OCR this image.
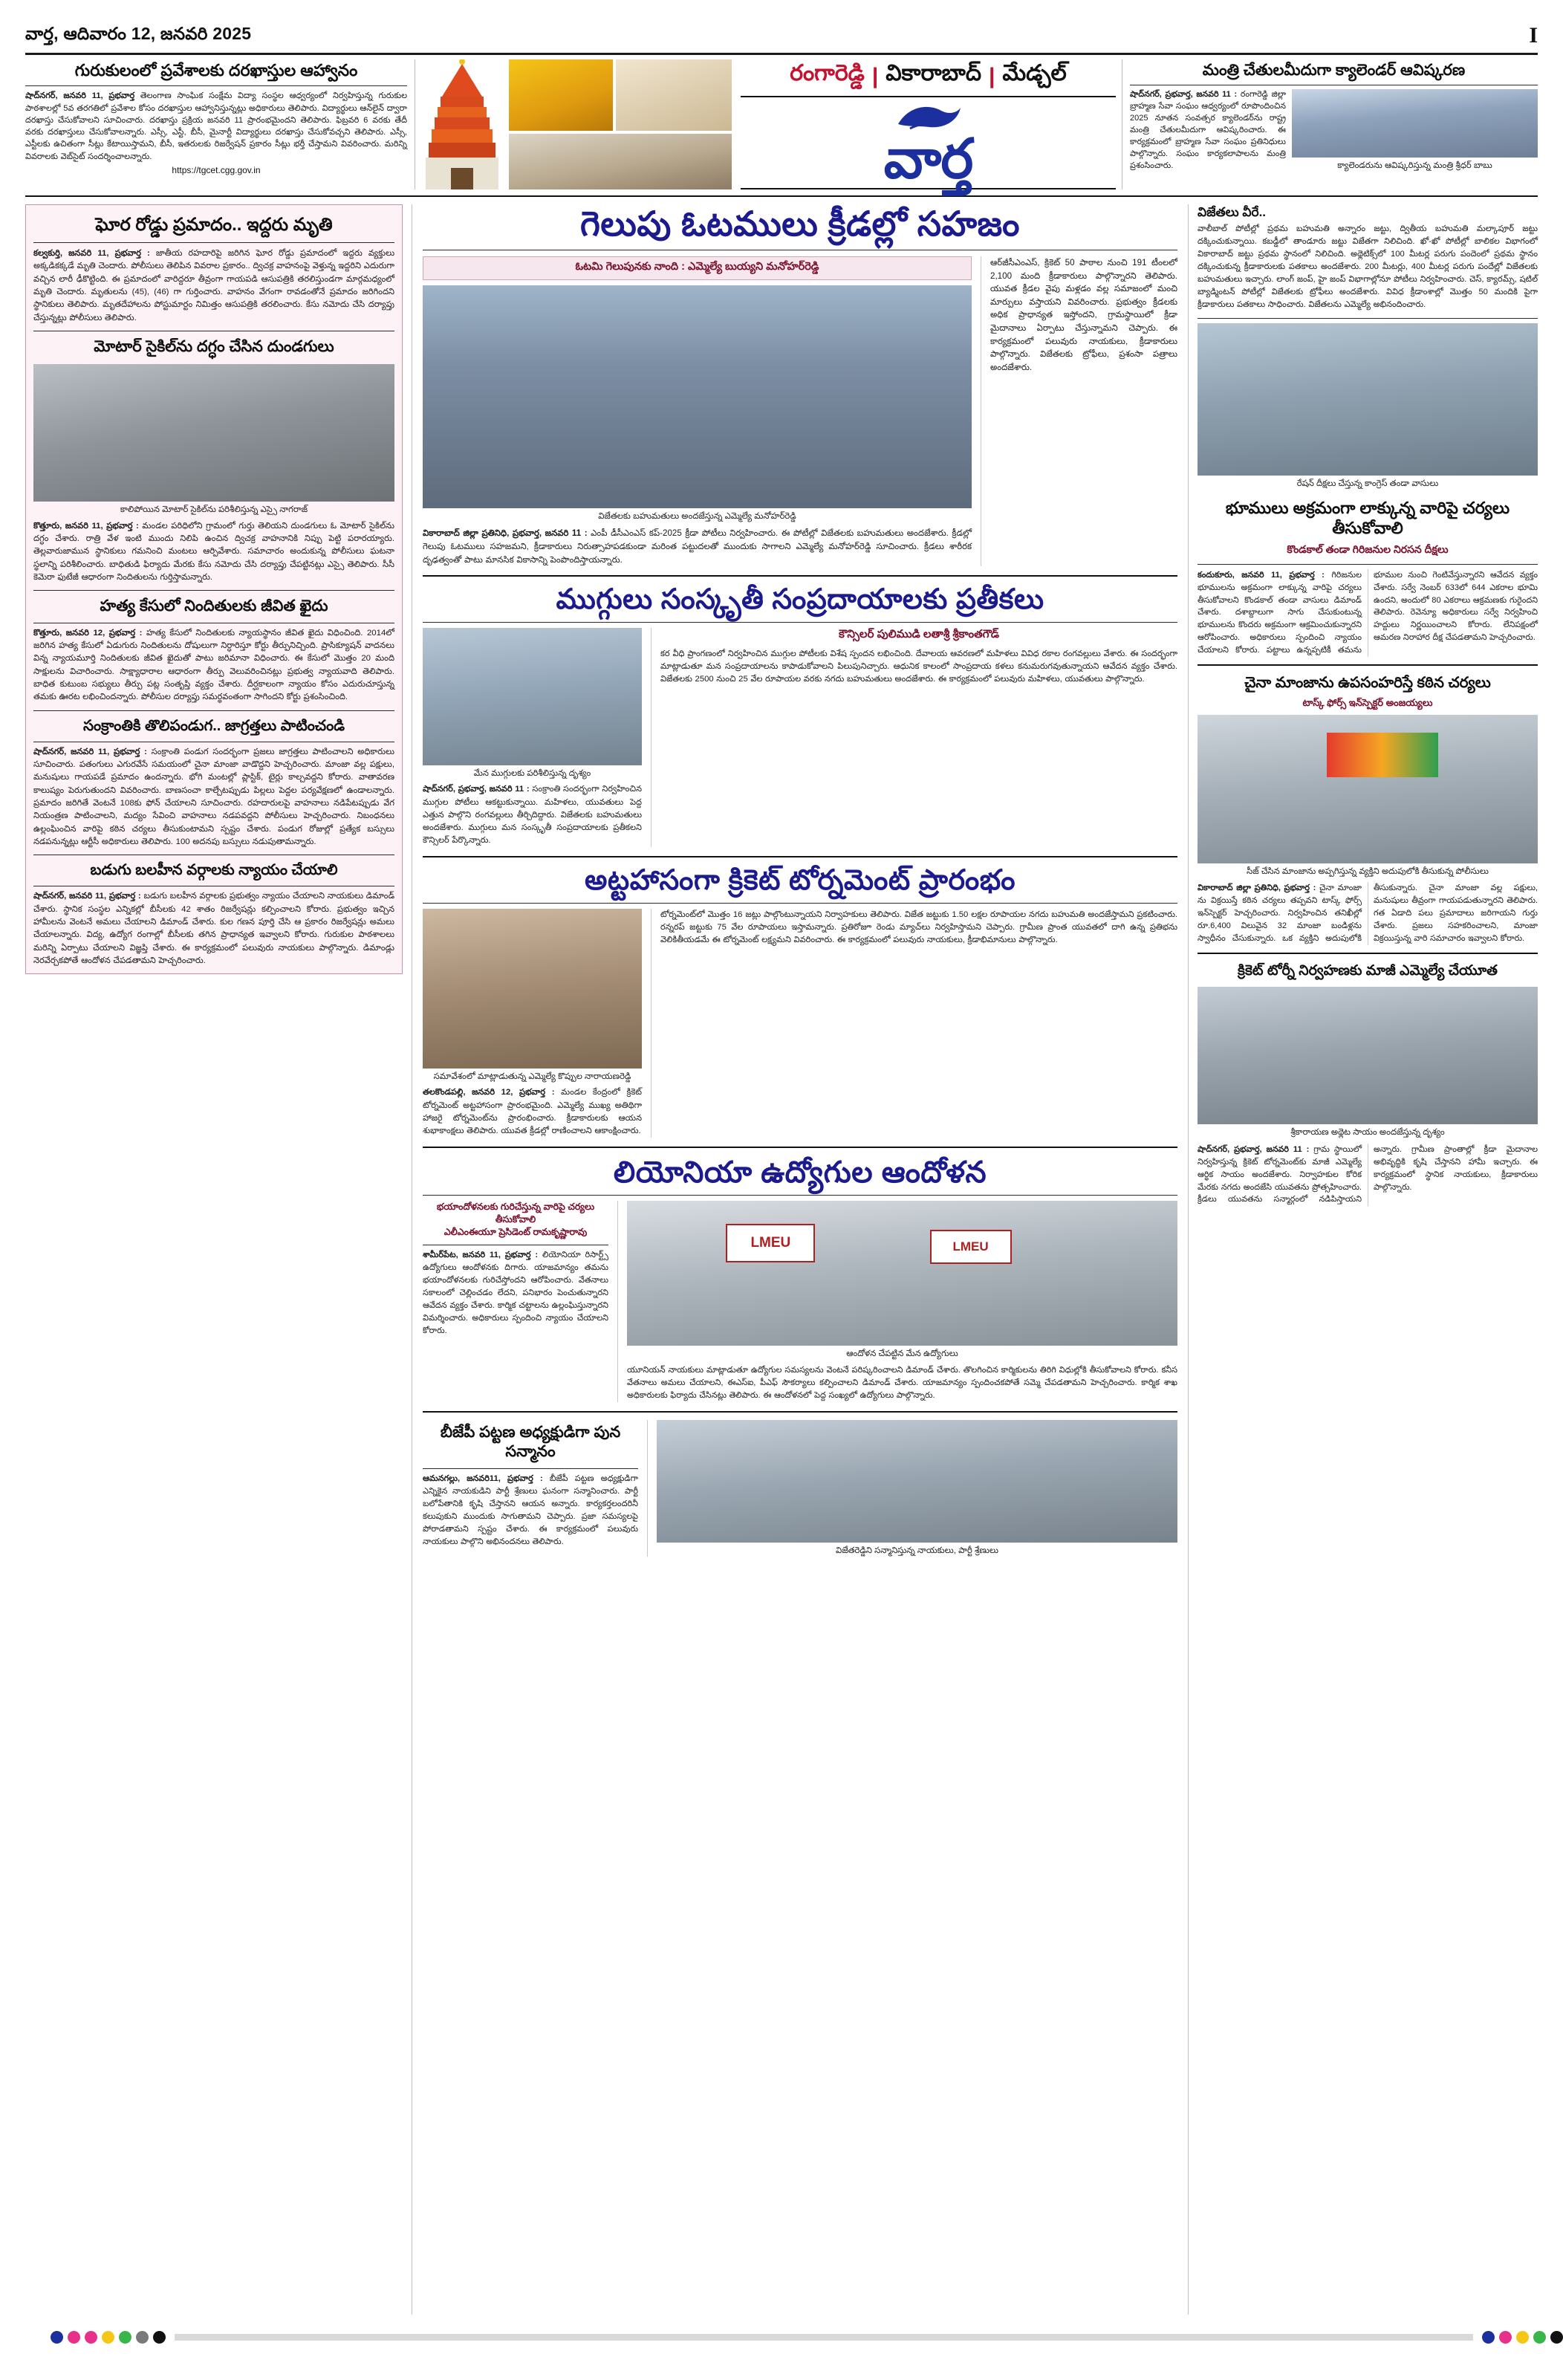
వార్త, ఆదివారం 12, జనవరి 2025	I
గురుకులంలో ప్రవేశాలకు దరఖాస్తుల ఆహ్వానం
షాద్‌నగర్, జనవరి 11, ప్రభవార్త తెలంగాణ సాంఘిక సంక్షేమ విద్యా సంస్థల ఆధ్వర్యంలో నిర్వహిస్తున్న గురుకుల పాఠశాలల్లో 5వ తరగతిలో ప్రవేశాల కోసం దరఖాస్తుల ఆహ్వానిస్తున్నట్లు అధికారులు తెలిపారు. విద్యార్థులు ఆన్‌లైన్ ద్వారా దరఖాస్తు చేసుకోవాలని సూచించారు. దరఖాస్తు ప్రక్రియ జనవరి 11 ప్రారంభమైందని తెలిపారు. ఫిబ్రవరి 6 వరకు తేదీ వరకు దరఖాస్తులు చేసుకోవాలన్నారు. ఎస్సీ, ఎస్టీ, బీసీ, మైనార్టీ విద్యార్థులు దరఖాస్తు చేసుకోవచ్చని తెలిపారు. ఎస్సీ, ఎస్టీలకు ఉచితంగా సీట్లు కేటాయిస్తామని, బీసీ, ఇతరులకు రిజర్వేషన్ ప్రకారం సీట్లు భర్తీ చేస్తామని వివరించారు. మరిన్ని వివరాలకు వెబ్‌సైట్ సందర్శించాలన్నారు.
https://tgcet.cgg.gov.in
రంగారెడ్డి | వికారాబాద్ | మేడ్చల్
వార్త
మంత్రి చేతులమీదుగా క్యాలెండర్ ఆవిష్కరణ
షాద్‌నగర్, ప్రభవార్త, జనవరి 11 : రంగారెడ్డి జిల్లా బ్రాహ్మణ సేవా సంఘం ఆధ్వర్యంలో రూపొందించిన 2025 నూతన సంవత్సర క్యాలెండర్‌ను రాష్ట్ర మంత్రి చేతులమీదుగా ఆవిష్కరించారు. ఈ కార్యక్రమంలో బ్రాహ్మణ సేవా సంఘం ప్రతినిధులు పాల్గొన్నారు. సంఘం కార్యకలాపాలను మంత్రి ప్రశంసించారు.	క్యాలెండరును ఆవిష్కరిస్తున్న మంత్రి శ్రీధర్ బాబు
ఘోర రోడ్డు ప్రమాదం.. ఇద్దరు మృతి
కల్వకుర్తి, జనవరి 11, ప్రభవార్త : జాతీయ రహదారిపై జరిగిన ఘోర రోడ్డు ప్రమాదంలో ఇద్దరు వ్యక్తులు అక్కడికక్కడే మృతి చెందారు. పోలీసులు తెలిపిన వివరాల ప్రకారం.. ద్విచక్ర వాహనంపై వెళ్తున్న ఇద్దరిని ఎదురుగా వచ్చిన లారీ ఢీకొట్టింది. ఈ ప్రమాదంలో వారిద్దరూ తీవ్రంగా గాయపడి ఆసుపత్రికి తరలిస్తుండగా మార్గమధ్యంలో మృతి చెందారు. మృతులను (45), (46) గా గుర్తించారు. వాహనం వేగంగా రావడంతోనే ప్రమాదం జరిగిందని స్థానికులు తెలిపారు. మృతదేహాలను పోస్టుమార్టం నిమిత్తం ఆసుపత్రికి తరలించారు. కేసు నమోదు చేసి దర్యాప్తు చేస్తున్నట్లు పోలీసులు తెలిపారు.
మోటార్ సైకిల్‌ను దగ్ధం చేసిన దుండగులు
కాలిపోయిన మోటార్ సైకిల్‌ను పరిశీలిస్తున్న ఎస్సై నాగరాజ్
కొత్తూరు, జనవరి 11, ప్రభవార్త : మండల పరిధిలోని గ్రామంలో గుర్తు తెలియని దుండగులు ఓ మోటార్ సైకిల్‌ను దగ్ధం చేశారు. రాత్రి వేళ ఇంటి ముందు నిలిపి ఉంచిన ద్విచక్ర వాహనానికి నిప్పు పెట్టి పరారయ్యారు. తెల్లవారుజామున స్థానికులు గమనించి మంటలు ఆర్పివేశారు. సమాచారం అందుకున్న పోలీసులు ఘటనా స్థలాన్ని పరిశీలించారు. బాధితుడి ఫిర్యాదు మేరకు కేసు నమోదు చేసి దర్యాప్తు చేపట్టినట్లు ఎస్సై తెలిపారు. సీసీ కెమెరా ఫుటేజీ ఆధారంగా నిందితులను గుర్తిస్తామన్నారు.
హత్య కేసులో నిందితులకు జీవిత ఖైదు
కొత్తూరు, జనవరి 12, ప్రభవార్త : హత్య కేసులో నిందితులకు న్యాయస్థానం జీవిత ఖైదు విధించింది. 2014లో జరిగిన హత్య కేసులో ఏడుగురు నిందితులను దోషులుగా నిర్ధారిస్తూ కోర్టు తీర్పునిచ్చింది. ప్రాసిక్యూషన్ వాదనలు విన్న న్యాయమూర్తి నిందితులకు జీవిత ఖైదుతో పాటు జరిమానా విధించారు. ఈ కేసులో మొత్తం 20 మంది సాక్షులను విచారించారు. సాక్ష్యాధారాల ఆధారంగా తీర్పు వెలువరించినట్లు ప్రభుత్వ న్యాయవాది తెలిపారు. బాధిత కుటుంబ సభ్యులు తీర్పు పట్ల సంతృప్తి వ్యక్తం చేశారు. దీర్ఘకాలంగా న్యాయం కోసం ఎదురుచూస్తున్న తమకు ఊరట లభించిందన్నారు. పోలీసుల దర్యాప్తు సమర్థవంతంగా సాగిందని కోర్టు ప్రశంసించింది.
సంక్రాంతికి తొలిపండుగ.. జాగ్రత్తలు పాటించండి
షాద్‌నగర్, జనవరి 11, ప్రభవార్త : సంక్రాంతి పండుగ సందర్భంగా ప్రజలు జాగ్రత్తలు పాటించాలని అధికారులు సూచించారు. పతంగులు ఎగురవేసే సమయంలో చైనా మాంజా వాడొద్దని హెచ్చరించారు. మాంజా వల్ల పక్షులు, మనుషులు గాయపడే ప్రమాదం ఉందన్నారు. భోగి మంటల్లో ప్లాస్టిక్, టైర్లు కాల్చవద్దని కోరారు. వాతావరణ కాలుష్యం పెరుగుతుందని వివరించారు. బాణసంచా కాల్చేటప్పుడు పిల్లలు పెద్దల పర్యవేక్షణలో ఉండాలన్నారు. ప్రమాదం జరిగితే వెంటనే 108కు ఫోన్ చేయాలని సూచించారు. రహదారులపై వాహనాలు నడిపేటప్పుడు వేగ నియంత్రణ పాటించాలని, మద్యం సేవించి వాహనాలు నడపవద్దని పోలీసులు హెచ్చరించారు. నిబంధనలు ఉల్లంఘించిన వారిపై కఠిన చర్యలు తీసుకుంటామని స్పష్టం చేశారు. పండుగ రోజుల్లో ప్రత్యేక బస్సులు నడపనున్నట్లు ఆర్టీసీ అధికారులు తెలిపారు. 100 అదనపు బస్సులు నడుపుతామన్నారు.
బడుగు బలహీన వర్గాలకు న్యాయం చేయాలి
షాద్‌నగర్, జనవరి 11, ప్రభవార్త : బడుగు బలహీన వర్గాలకు ప్రభుత్వం న్యాయం చేయాలని నాయకులు డిమాండ్ చేశారు. స్థానిక సంస్థల ఎన్నికల్లో బీసీలకు 42 శాతం రిజర్వేషన్లు కల్పించాలని కోరారు. ప్రభుత్వం ఇచ్చిన హామీలను వెంటనే అమలు చేయాలని డిమాండ్ చేశారు. కుల గణన పూర్తి చేసి ఆ ప్రకారం రిజర్వేషన్లు అమలు చేయాలన్నారు. విద్య, ఉద్యోగ రంగాల్లో బీసీలకు తగిన ప్రాధాన్యత ఇవ్వాలని కోరారు. గురుకుల పాఠశాలలు మరిన్ని ఏర్పాటు చేయాలని విజ్ఞప్తి చేశారు. ఈ కార్యక్రమంలో పలువురు నాయకులు పాల్గొన్నారు. డిమాండ్లు నెరవేర్చకపోతే ఆందోళన చేపడతామని హెచ్చరించారు.
గెలుపు ఓటములు క్రీడల్లో సహజం
ఓటమి గెలుపునకు నాంది : ఎమ్మెల్యే బుయ్యని మనోహర్‌రెడ్డి
విజేతలకు బహుమతులు అందజేస్తున్న ఎమ్మెల్యే మనోహర్‌రెడ్డి
వికారాబాద్ జిల్లా ప్రతినిధి, ప్రభవార్త, జనవరి 11 : ఎంపీ డీసీఎంఎస్ కప్-2025 క్రీడా పోటీలు నిర్వహించారు. ఈ పోటీల్లో విజేతలకు బహుమతులు అందజేశారు. క్రీడల్లో గెలుపు ఓటములు సహజమని, క్రీడాకారులు నిరుత్సాహపడకుండా మరింత పట్టుదలతో ముందుకు సాగాలని ఎమ్మెల్యే మనోహర్‌రెడ్డి సూచించారు. క్రీడలు శారీరక దృఢత్వంతో పాటు మానసిక వికాసాన్ని పెంపొందిస్తాయన్నారు.
ఆర్‌జీసీఎంఎస్, క్రికెట్ 50 పాఠాల నుంచి 191 టీంలలో 2,100 మంది క్రీడాకారులు పాల్గొన్నారని తెలిపారు. యువత క్రీడల వైపు మళ్లడం వల్ల సమాజంలో మంచి మార్పులు వస్తాయని వివరించారు. ప్రభుత్వం క్రీడలకు అధిక ప్రాధాన్యత ఇస్తోందని, గ్రామస్థాయిలో క్రీడా మైదానాలు ఏర్పాటు చేస్తున్నామని చెప్పారు. ఈ కార్యక్రమంలో పలువురు నాయకులు, క్రీడాకారులు పాల్గొన్నారు. విజేతలకు ట్రోఫీలు, ప్రశంసా పత్రాలు అందజేశారు.
ముగ్గులు సంస్కృతీ సంప్రదాయాలకు ప్రతీకలు
మేన ముగ్గులకు పరిశీలిస్తున్న దృశ్యం
షాద్‌నగర్, ప్రభవార్త, జనవరి 11 : సంక్రాంతి సందర్భంగా నిర్వహించిన ముగ్గుల పోటీలు ఆకట్టుకున్నాయి. మహిళలు, యువతులు పెద్ద ఎత్తున పాల్గొని రంగవల్లులు తీర్చిదిద్దారు. విజేతలకు బహుమతులు అందజేశారు. ముగ్గులు మన సంస్కృతీ సంప్రదాయాలకు ప్రతీకలని కౌన్సిలర్ పేర్కొన్నారు.
కౌన్సిలర్ పులిముడి లతాశ్రీ శ్రీకాంతగౌడ్
కర వీధి ప్రాంగణంలో నిర్వహించిన ముగ్గుల పోటీలకు విశేష స్పందన లభించింది. దేవాలయ ఆవరణలో మహిళలు వివిధ రకాల రంగవల్లులు వేశారు. ఈ సందర్భంగా మాట్లాడుతూ మన సంప్రదాయాలను కాపాడుకోవాలని పిలుపునిచ్చారు. ఆధునిక కాలంలో సాంప్రదాయ కళలు కనుమరుగవుతున్నాయని ఆవేదన వ్యక్తం చేశారు. విజేతలకు 2500 నుంచి 25 వేల రూపాయల వరకు నగదు బహుమతులు అందజేశారు. ఈ కార్యక్రమంలో పలువురు మహిళలు, యువతులు పాల్గొన్నారు.
అట్టహాసంగా క్రికెట్ టోర్నమెంట్ ప్రారంభం
సమావేశంలో మాట్లాడుతున్న ఎమ్మెల్యే కొప్పుల నారాయణరెడ్డి
తలకొండపల్లి, జనవరి 12, ప్రభవార్త : మండల కేంద్రంలో క్రికెట్ టోర్నమెంట్ అట్టహాసంగా ప్రారంభమైంది. ఎమ్మెల్యే ముఖ్య అతిథిగా హాజరై టోర్నమెంట్‌ను ప్రారంభించారు. క్రీడాకారులకు ఆయన శుభాకాంక్షలు తెలిపారు. యువత క్రీడల్లో రాణించాలని ఆకాంక్షించారు.
టోర్నమెంట్‌లో మొత్తం 16 జట్లు పాల్గొంటున్నాయని నిర్వాహకులు తెలిపారు. విజేత జట్టుకు 1.50 లక్షల రూపాయల నగదు బహుమతి అందజేస్తామని ప్రకటించారు. రన్నరప్ జట్టుకు 75 వేల రూపాయలు ఇస్తామన్నారు. ప్రతిరోజూ రెండు మ్యాచ్‌లు నిర్వహిస్తామని చెప్పారు. గ్రామీణ ప్రాంత యువతలో దాగి ఉన్న ప్రతిభను వెలికితీయడమే ఈ టోర్నమెంట్ లక్ష్యమని వివరించారు. ఈ కార్యక్రమంలో పలువురు నాయకులు, క్రీడాభిమానులు పాల్గొన్నారు.
లియోనియా ఉద్యోగుల ఆందోళన
భయాందోళనలకు గురిచేస్తున్న వారిపై చర్యలు తీసుకోవాలి
ఎలీఎంఈయూ ప్రెసిడెంట్ రామకృష్ణారావు
శామీర్‌పేట, జనవరి 11, ప్రభవార్త : లియోనియా రిసార్ట్స్ ఉద్యోగులు ఆందోళనకు దిగారు. యాజమాన్యం తమను భయాందోళనలకు గురిచేస్తోందని ఆరోపించారు. వేతనాలు సకాలంలో చెల్లించడం లేదని, పనిభారం పెంచుతున్నారని ఆవేదన వ్యక్తం చేశారు. కార్మిక చట్టాలను ఉల్లంఘిస్తున్నారని విమర్శించారు. అధికారులు స్పందించి న్యాయం చేయాలని కోరారు.
LMEU	LMEU
ఆందోళన చేపట్టిన మేన ఉద్యోగులు
యూనియన్ నాయకులు మాట్లాడుతూ ఉద్యోగుల సమస్యలను వెంటనే పరిష్కరించాలని డిమాండ్ చేశారు. తొలగించిన కార్మికులను తిరిగి విధుల్లోకి తీసుకోవాలని కోరారు. కనీస వేతనాలు అమలు చేయాలని, ఈఎస్‌ఐ, పీఎఫ్ సౌకర్యాలు కల్పించాలని డిమాండ్ చేశారు. యాజమాన్యం స్పందించకపోతే సమ్మె చేపడతామని హెచ్చరించారు. కార్మిక శాఖ అధికారులకు ఫిర్యాదు చేసినట్లు తెలిపారు. ఈ ఆందోళనలో పెద్ద సంఖ్యలో ఉద్యోగులు పాల్గొన్నారు.
బీజేపీ పట్టణ అధ్యక్షుడిగా పున సన్మానం
ఆమనగల్లు, జనవరి11, ప్రభవార్త : బీజేపీ పట్టణ అధ్యక్షుడిగా ఎన్నికైన నాయకుడిని పార్టీ శ్రేణులు ఘనంగా సన్మానించారు. పార్టీ బలోపేతానికి కృషి చేస్తానని ఆయన అన్నారు. కార్యకర్తలందరినీ కలుపుకుని ముందుకు సాగుతామని చెప్పారు. ప్రజా సమస్యలపై పోరాడతామని స్పష్టం చేశారు. ఈ కార్యక్రమంలో పలువురు నాయకులు పాల్గొని అభినందనలు తెలిపారు.
విజేతరెడ్డిని సన్మానిస్తున్న నాయకులు, పార్టీ శ్రేణులు
విజేతలు వీరే..
వాలీబాల్ పోటీల్లో ప్రథమ బహుమతి అన్నారం జట్టు, ద్వితీయ బహుమతి మల్కాపూర్ జట్టు దక్కించుకున్నాయి. కబడ్డీలో తాండూరు జట్టు విజేతగా నిలిచింది. ఖో-ఖో పోటీల్లో బాలికల విభాగంలో వికారాబాద్ జట్టు ప్రథమ స్థానంలో నిలిచింది. అథ్లెటిక్స్‌లో 100 మీటర్ల పరుగు పందెంలో ప్రథమ స్థానం దక్కించుకున్న క్రీడాకారులకు పతకాలు అందజేశారు. 200 మీటర్లు, 400 మీటర్ల పరుగు పందేల్లో విజేతలకు బహుమతులు ఇచ్చారు. లాంగ్ జంప్, హై జంప్ విభాగాల్లోనూ పోటీలు నిర్వహించారు. చెస్, క్యారమ్స్, షటిల్ బ్యాడ్మింటన్ పోటీల్లో విజేతలకు ట్రోఫీలు అందజేశారు. వివిధ క్రీడాంశాల్లో మొత్తం 50 మందికి పైగా క్రీడాకారులు పతకాలు సాధించారు. విజేతలను ఎమ్మెల్యే అభినందించారు.
రేషన్ దీక్షలు చేస్తున్న కాంగ్రెస్ తండా వాసులు
భూములు అక్రమంగా లాక్కున్న వారిపై చర్యలు తీసుకోవాలి
కొండకాల్ తండా గిరిజనుల నిరసన దీక్షలు
కందుకూరు, జనవరి 11, ప్రభవార్త : గిరిజనుల భూములను అక్రమంగా లాక్కున్న వారిపై చర్యలు తీసుకోవాలని కొండకాల్ తండా వాసులు డిమాండ్ చేశారు. దశాబ్దాలుగా సాగు చేసుకుంటున్న భూములను కొందరు అక్రమంగా ఆక్రమించుకున్నారని ఆరోపించారు. అధికారులు స్పందించి న్యాయం చేయాలని కోరారు. పట్టాలు ఉన్నప్పటికీ తమను భూముల నుంచి గెంటివేస్తున్నారని ఆవేదన వ్యక్తం చేశారు. సర్వే నెంబర్ 633లో 644 ఎకరాల భూమి ఉందని, అందులో 80 ఎకరాలు ఆక్రమణకు గురైందని తెలిపారు. రెవెన్యూ అధికారులు సర్వే నిర్వహించి హద్దులు నిర్ణయించాలని కోరారు. లేనిపక్షంలో ఆమరణ నిరాహార దీక్ష చేపడతామని హెచ్చరించారు.
చైనా మాంజాను ఉపసంహరిస్తే కఠిన చర్యలు
టాస్క్ ఫోర్స్ ఇన్‌స్పెక్టర్ అంజయ్యలు
సీజ్ చేసిన మాంజాను అప్పగిస్తున్న వ్యక్తిని అదుపులోకి తీసుకున్న పోలీసులు
వికారాబాద్ జిల్లా ప్రతినిధి, ప్రభవార్త : చైనా మాంజా ను విక్రయిస్తే కఠిన చర్యలు తప్పవని టాస్క్ ఫోర్స్ ఇన్‌స్పెక్టర్ హెచ్చరించారు. నిర్వహించిన తనిఖీల్లో రూ.6,400 విలువైన 32 మాంజా బండిళ్లను స్వాధీనం చేసుకున్నారు. ఒక వ్యక్తిని అదుపులోకి తీసుకున్నారు. చైనా మాంజా వల్ల పక్షులు, మనుషులు తీవ్రంగా గాయపడుతున్నారని తెలిపారు. గత ఏడాది పలు ప్రమాదాలు జరిగాయని గుర్తు చేశారు. ప్రజలు సహకరించాలని, మాంజా విక్రయిస్తున్న వారి సమాచారం ఇవ్వాలని కోరారు.
క్రికెట్ టోర్నీ నిర్వహణకు మాజీ ఎమ్మెల్యే చేయూత
శ్రీకారాయణ అథ్లెట సాయం అందజేస్తున్న దృశ్యం
షాద్‌నగర్, ప్రభవార్త, జనవరి 11 : గ్రామ స్థాయిలో నిర్వహిస్తున్న క్రికెట్ టోర్నమెంట్‌కు మాజీ ఎమ్మెల్యే ఆర్థిక సాయం అందజేశారు. నిర్వాహకుల కోరిక మేరకు నగదు అందజేసి యువతను ప్రోత్సహించారు. క్రీడలు యువతను సన్మార్గంలో నడిపిస్తాయని అన్నారు. గ్రామీణ ప్రాంతాల్లో క్రీడా మైదానాల అభివృద్ధికి కృషి చేస్తానని హామీ ఇచ్చారు. ఈ కార్యక్రమంలో స్థానిక నాయకులు, క్రీడాకారులు పాల్గొన్నారు.
